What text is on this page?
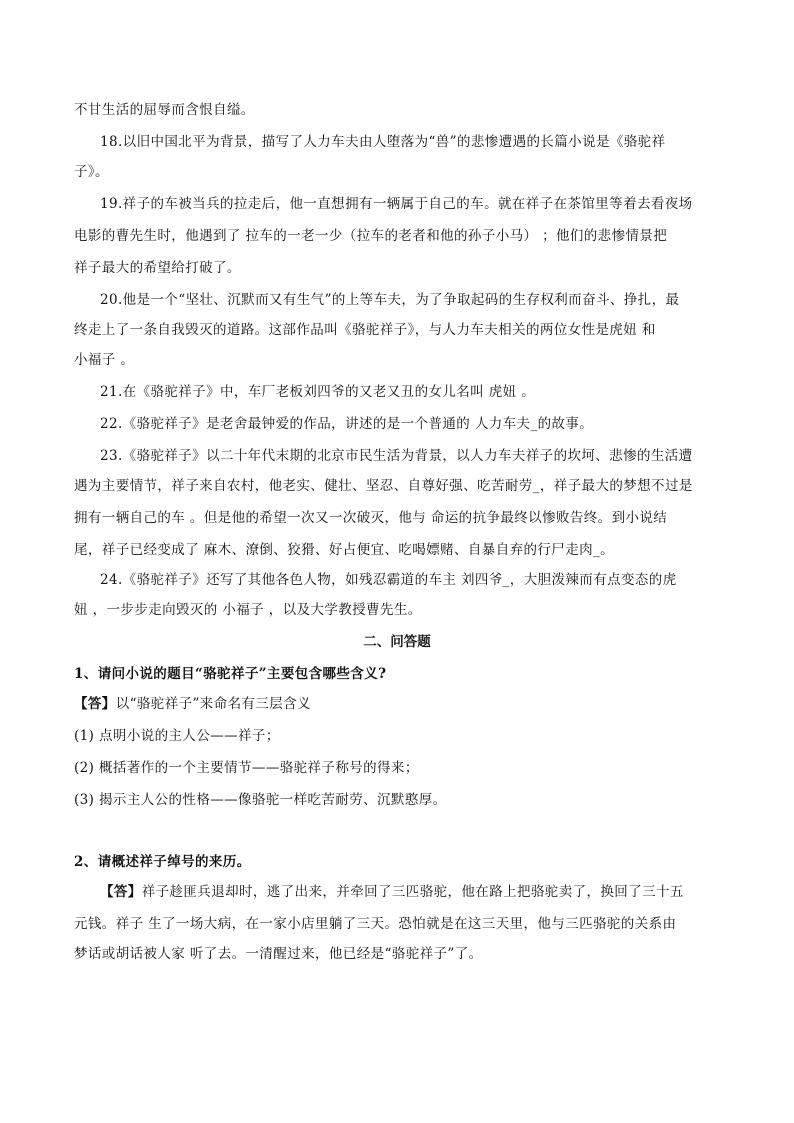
不甘生活的屈辱而含恨自缢。
18.以旧中国北平为背景，描写了人力车夫由人堕落为“兽”的悲惨遭遇的长篇小说是《骆驼祥
子》。
19.祥子的车被当兵的拉走后，他一直想拥有一辆属于自己的车。就在祥子在茶馆里等着去看夜场
电影的曹先生时，他遇到了 拉车的一老一少（拉车的老者和他的孙子小马） ；他们的悲惨情景把
祥子最大的希望给打破了。
20.他是一个“坚壮、沉默而又有生气”的上等车夫，为了争取起码的生存权利而奋斗、挣扎，最
终走上了一条自我毁灭的道路。这部作品叫《骆驼祥子》，与人力车夫相关的两位女性是虎妞 和
小福子 。
21.在《骆驼祥子》中，车厂老板刘四爷的又老又丑的女儿名叫 虎妞 。
22.《骆驼祥子》是老舍最钟爱的作品，讲述的是一个普通的 人力车夫_的故事。
23.《骆驼祥子》以二十年代末期的北京市民生活为背景，以人力车夫祥子的坎坷、悲惨的生活遭
遇为主要情节，祥子来自农村，他老实、健壮、坚忍、自尊好强、吃苦耐劳_，祥子最大的梦想不过是
拥有一辆自己的车 。但是他的希望一次又一次破灭，他与 命运的抗争最终以惨败告终。到小说结
尾，祥子已经变成了 麻木、潦倒、狡猾、好占便宜、吃喝嫖赌、自暴自弃的行尸走肉_。
24.《骆驼祥子》还写了其他各色人物，如残忍霸道的车主 刘四爷_，大胆泼辣而有点变态的虎
妞 ，一步步走向毁灭的 小福子 ，以及大学教授曹先生。
二、问答题
1、请问小说的题目“骆驼祥子”主要包含哪些含义?
【答】以“骆驼祥子”来命名有三层含义
(1) 点明小说的主人公——祥子；
(2) 概括著作的一个主要情节——骆驼祥子称号的得来；
(3) 揭示主人公的性格——像骆驼一样吃苦耐劳、沉默憨厚。
2、请概述祥子绰号的来历。
【答】祥子趁匪兵退却时，逃了出来，并牵回了三匹骆驼，他在路上把骆驼卖了，换回了三十五
元钱。祥子 生了一场大病，在一家小店里躺了三天。恐怕就是在这三天里，他与三匹骆驼的关系由
梦话或胡话被人家 听了去。一清醒过来，他已经是“骆驼祥子”了。
